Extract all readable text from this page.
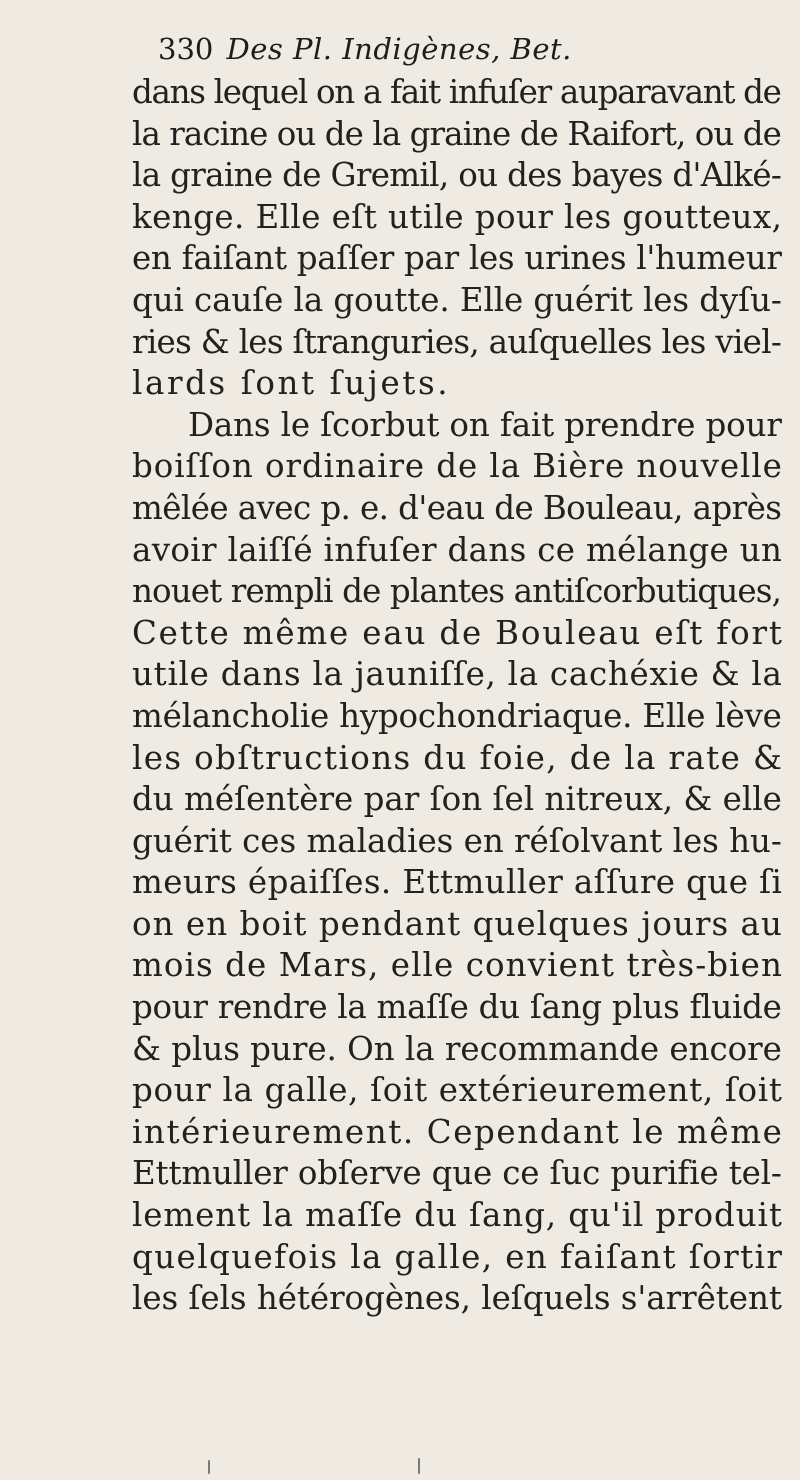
330 Des Pl. Indigènes, Bet.
dans lequel on a fait infuſer auparavant de
la racine ou de la graine de Raifort, ou de
la graine de Gremil, ou des bayes d'Alké-
kenge. Elle eſt utile pour les goutteux,
en faiſant paſſer par les urines l'humeur
qui cauſe la goutte. Elle guérit les dyſu-
ries & les ſtranguries, auſquelles les viel-
lards ſont ſujets.
Dans le ſcorbut on fait prendre pour
boiſſon ordinaire de la Bière nouvelle
mêlée avec p. e. d'eau de Bouleau, après
avoir laiſſé infuſer dans ce mélange un
nouet rempli de plantes antiſcorbutiques,
Cette même eau de Bouleau eſt fort
utile dans la jauniſſe, la cachéxie & la
mélancholie hypochondriaque. Elle lève
les obſtructions du foie, de la rate &
du méſentère par ſon ſel nitreux, & elle
guérit ces maladies en réſolvant les hu-
meurs épaiſſes. Ettmuller aſſure que ſi
on en boit pendant quelques jours au
mois de Mars, elle convient très-bien
pour rendre la maſſe du ſang plus fluide
& plus pure. On la recommande encore
pour la galle, ſoit extérieurement, ſoit
intérieurement. Cependant le même
Ettmuller obſerve que ce ſuc purifie tel-
lement la maſſe du ſang, qu'il produit
quelquefois la galle, en faiſant ſortir
les ſels hétérogènes, leſquels s'arrêtent
